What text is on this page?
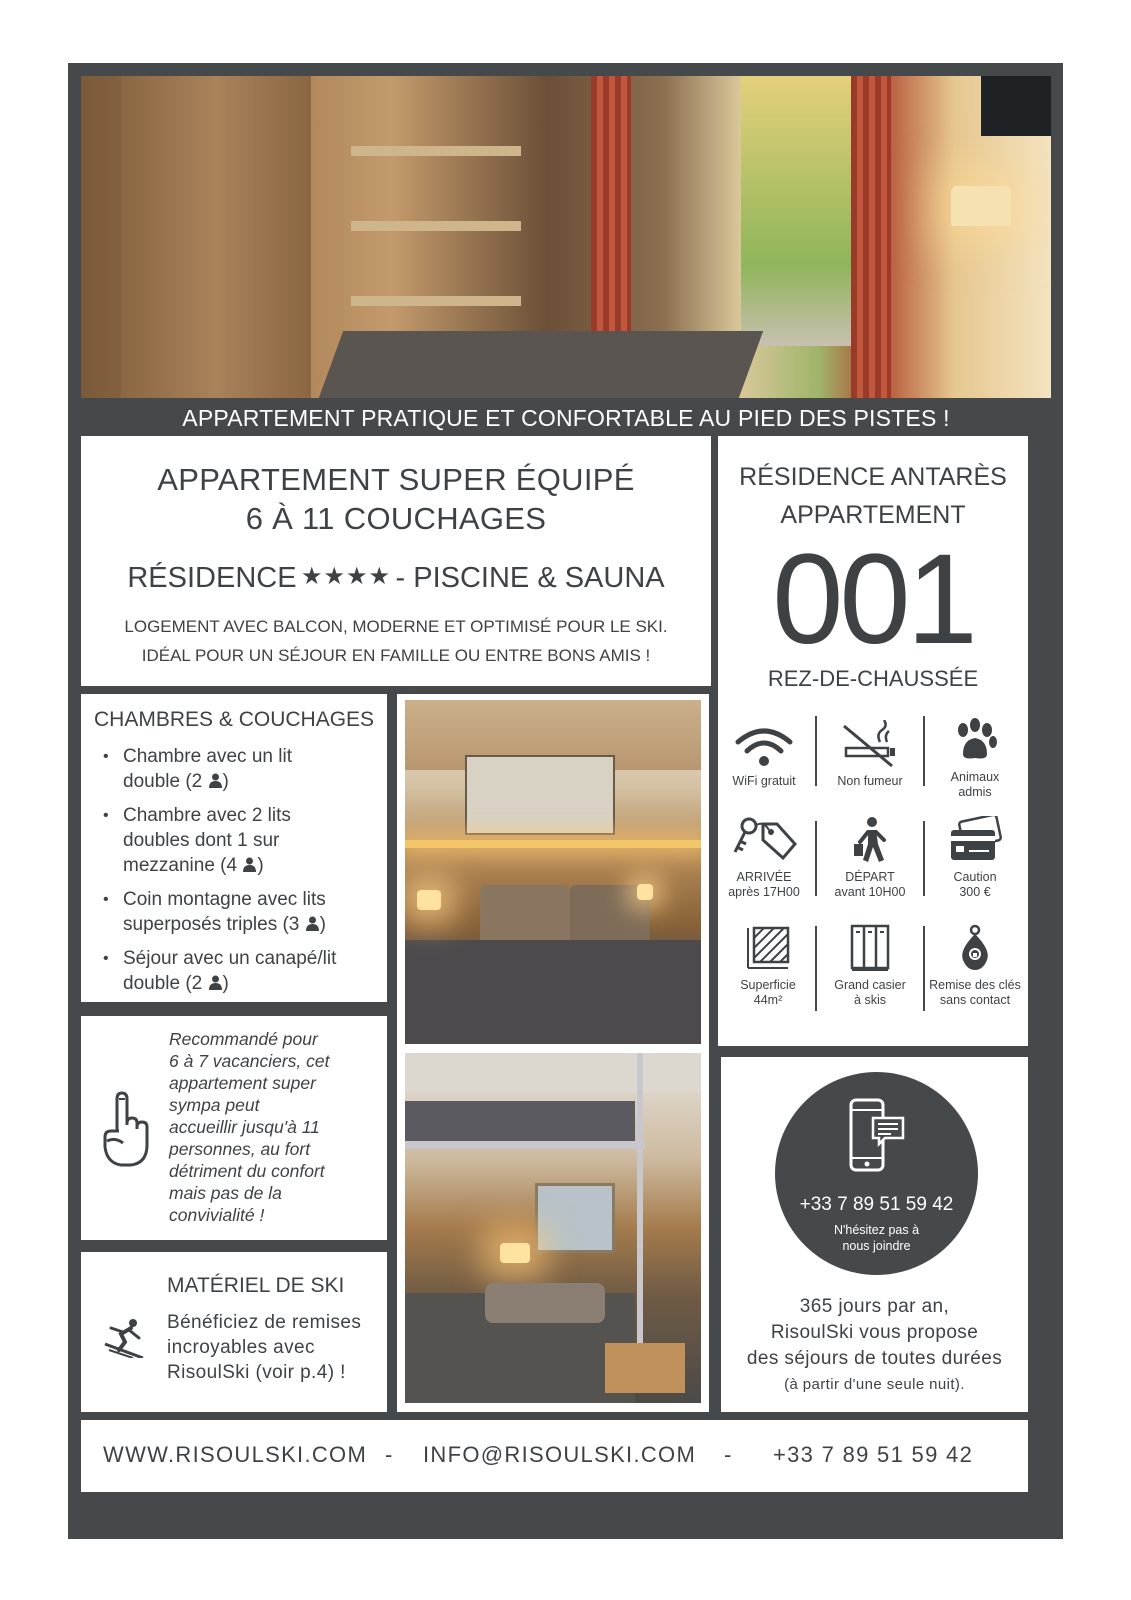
APPARTEMENT PRATIQUE ET CONFORTABLE AU PIED DES PISTES !
APPARTEMENT SUPER ÉQUIPÉ
6 À 11 COUCHAGES
RÉSIDENCE ★★★★ - PISCINE & SAUNA
LOGEMENT AVEC BALCON, MODERNE ET OPTIMISÉ POUR LE SKI.
IDÉAL POUR UN SÉJOUR EN FAMILLE OU ENTRE BONS AMIS !
RÉSIDENCE ANTARÈS
APPARTEMENT
001
REZ-DE-CHAUSSÉE
WiFi gratuit	Non fumeur	Animaux
admis
ARRIVÉE
après 17H00
DÉPART
avant 10H00
Caution
300 €
Superficie
44m²
Grand casier
à skis
Remise des clés
sans contact
CHAMBRES & COUCHAGES
• Chambre avec un lit
double (2 )
• Chambre avec 2 lits
doubles dont 1 sur
mezzanine (4 )
• Coin montagne avec lits
superposés triples (3 )
• Séjour avec un canapé/lit
double (2 )
Recommandé pour
6 à 7 vacanciers, cet
appartement super
sympa peut
accueillir jusqu'à 11
personnes, au fort
détriment du confort
mais pas de la
convivialité !
MATÉRIEL DE SKI
Bénéficiez de remises
incroyables avec
RisoulSki (voir p.4) !
+33 7 89 51 59 42
N'hésitez pas à
nous joindre
365 jours par an,
RisoulSki vous propose
des séjours de toutes durées
(à partir d'une seule nuit).
WWW.RISOULSKI.COM - INFO@RISOULSKI.COM - +33 7 89 51 59 42
